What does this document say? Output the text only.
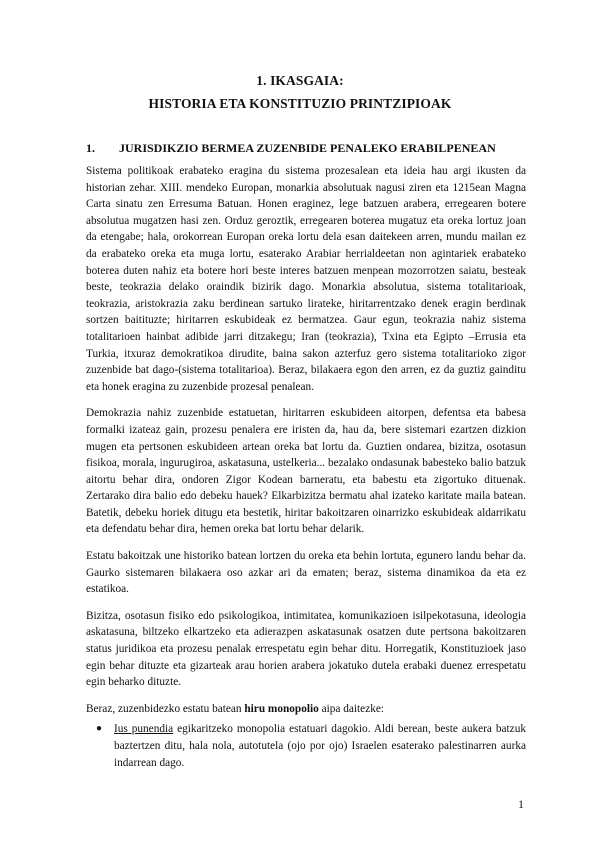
1. IKASGAIA:
HISTORIA ETA KONSTITUZIO PRINTZIPIOAK
1. JURISDIKZIO BERMEA ZUZENBIDE PENALEKO ERABILPENEAN

Sistema politikoak erabateko eragina du sistema prozesalean eta ideia hau argi ikusten da historian zehar. XIII. mendeko Europan, monarkia absolutuak nagusi ziren eta 1215ean Magna Carta sinatu zen Erresuma Batuan. Honen eraginez, lege batzuen arabera, erregearen botere absolutua mugatzen hasi zen. Orduz geroztik, erregearen boterea mugatuz eta oreka lortuz joan da etengabe; hala, orokorrean Europan oreka lortu dela esan daitekeen arren, mundu mailan ez da erabateko oreka eta muga lortu, esaterako Arabiar herrialdeetan non agintariek erabateko boterea duten nahiz eta botere hori beste interes batzuen menpean mozorrotzen saiatu, besteak beste, teokrazia delako oraindik bizirik dago. Monarkia absolutua, sistema totalitarioak, teokrazia, aristokrazia zaku berdinean sartuko lirateke, hiritarrentzako denek eragin berdinak sortzen baitituzte; hiritarren eskubideak ez bermatzea. Gaur egun, teokrazia nahiz sistema totalitarioen hainbat adibide jarri ditzakegu; Iran (teokrazia), Txina eta Egipto –Errusia eta Turkia, itxuraz demokratikoa dirudite, baina sakon azterfuz gero sistema totalitarioko zigor zuzenbide bat dago-(sistema totalitarioa). Beraz, bilakaera egon den arren, ez da guztiz gainditu eta honek eragina zu zuzenbide prozesal penalean.

Demokrazia nahiz zuzenbide estatuetan, hiritarren eskubideen aitorpen, defentsa eta babesa formalki izateaz gain, prozesu penalera ere iristen da, hau da, bere sistemari ezartzen dizkion mugen eta pertsonen eskubideen artean oreka bat lortu da. Guztien ondarea, bizitza, osotasun fisikoa, morala, ingurugiroa, askatasuna, ustelkeria... bezalako ondasunak babesteko balio batzuk aitortu behar dira, ondoren Zigor Kodean barneratu, eta babestu eta zigortuko dituenak. Zertarako dira balio edo debeku hauek? Elkarbizitza bermatu ahal izateko karitate maila batean. Batetik, debeku horiek ditugu eta bestetik, hiritar bakoitzaren oinarrizko eskubideak aldarrikatu eta defendatu behar dira, hemen oreka bat lortu behar delarik.

Estatu bakoitzak une historiko batean lortzen du oreka eta behin lortuta, egunero landu behar da. Gaurko sistemaren bilakaera oso azkar ari da ematen; beraz, sistema dinamikoa da eta ez estatikoa.

Bizitza, osotasun fisiko edo psikologikoa, intimitatea, komunikazioen isilpekotasuna, ideologia askatasuna, biltzeko elkartzeko eta adierazpen askatasunak osatzen dute pertsona bakoitzaren status juridikoa eta prozesu penalak errespetatu egin behar ditu. Horregatik, Konstituzioek jaso egin behar dituzte eta gizarteak arau horien arabera jokatuko dutela erabaki duenez errespetatu egin beharko dituzte.

Beraz, zuzenbidezko estatu batean hiru monopolio aipa daitezke:

● Ius punendia egikaritzeko monopolia estatuari dagokio. Aldi berean, beste aukera batzuk baztertzen ditu, hala nola, autotutela (ojo por ojo) Israelen esaterako palestinarren aurka indarrean dago.
1
